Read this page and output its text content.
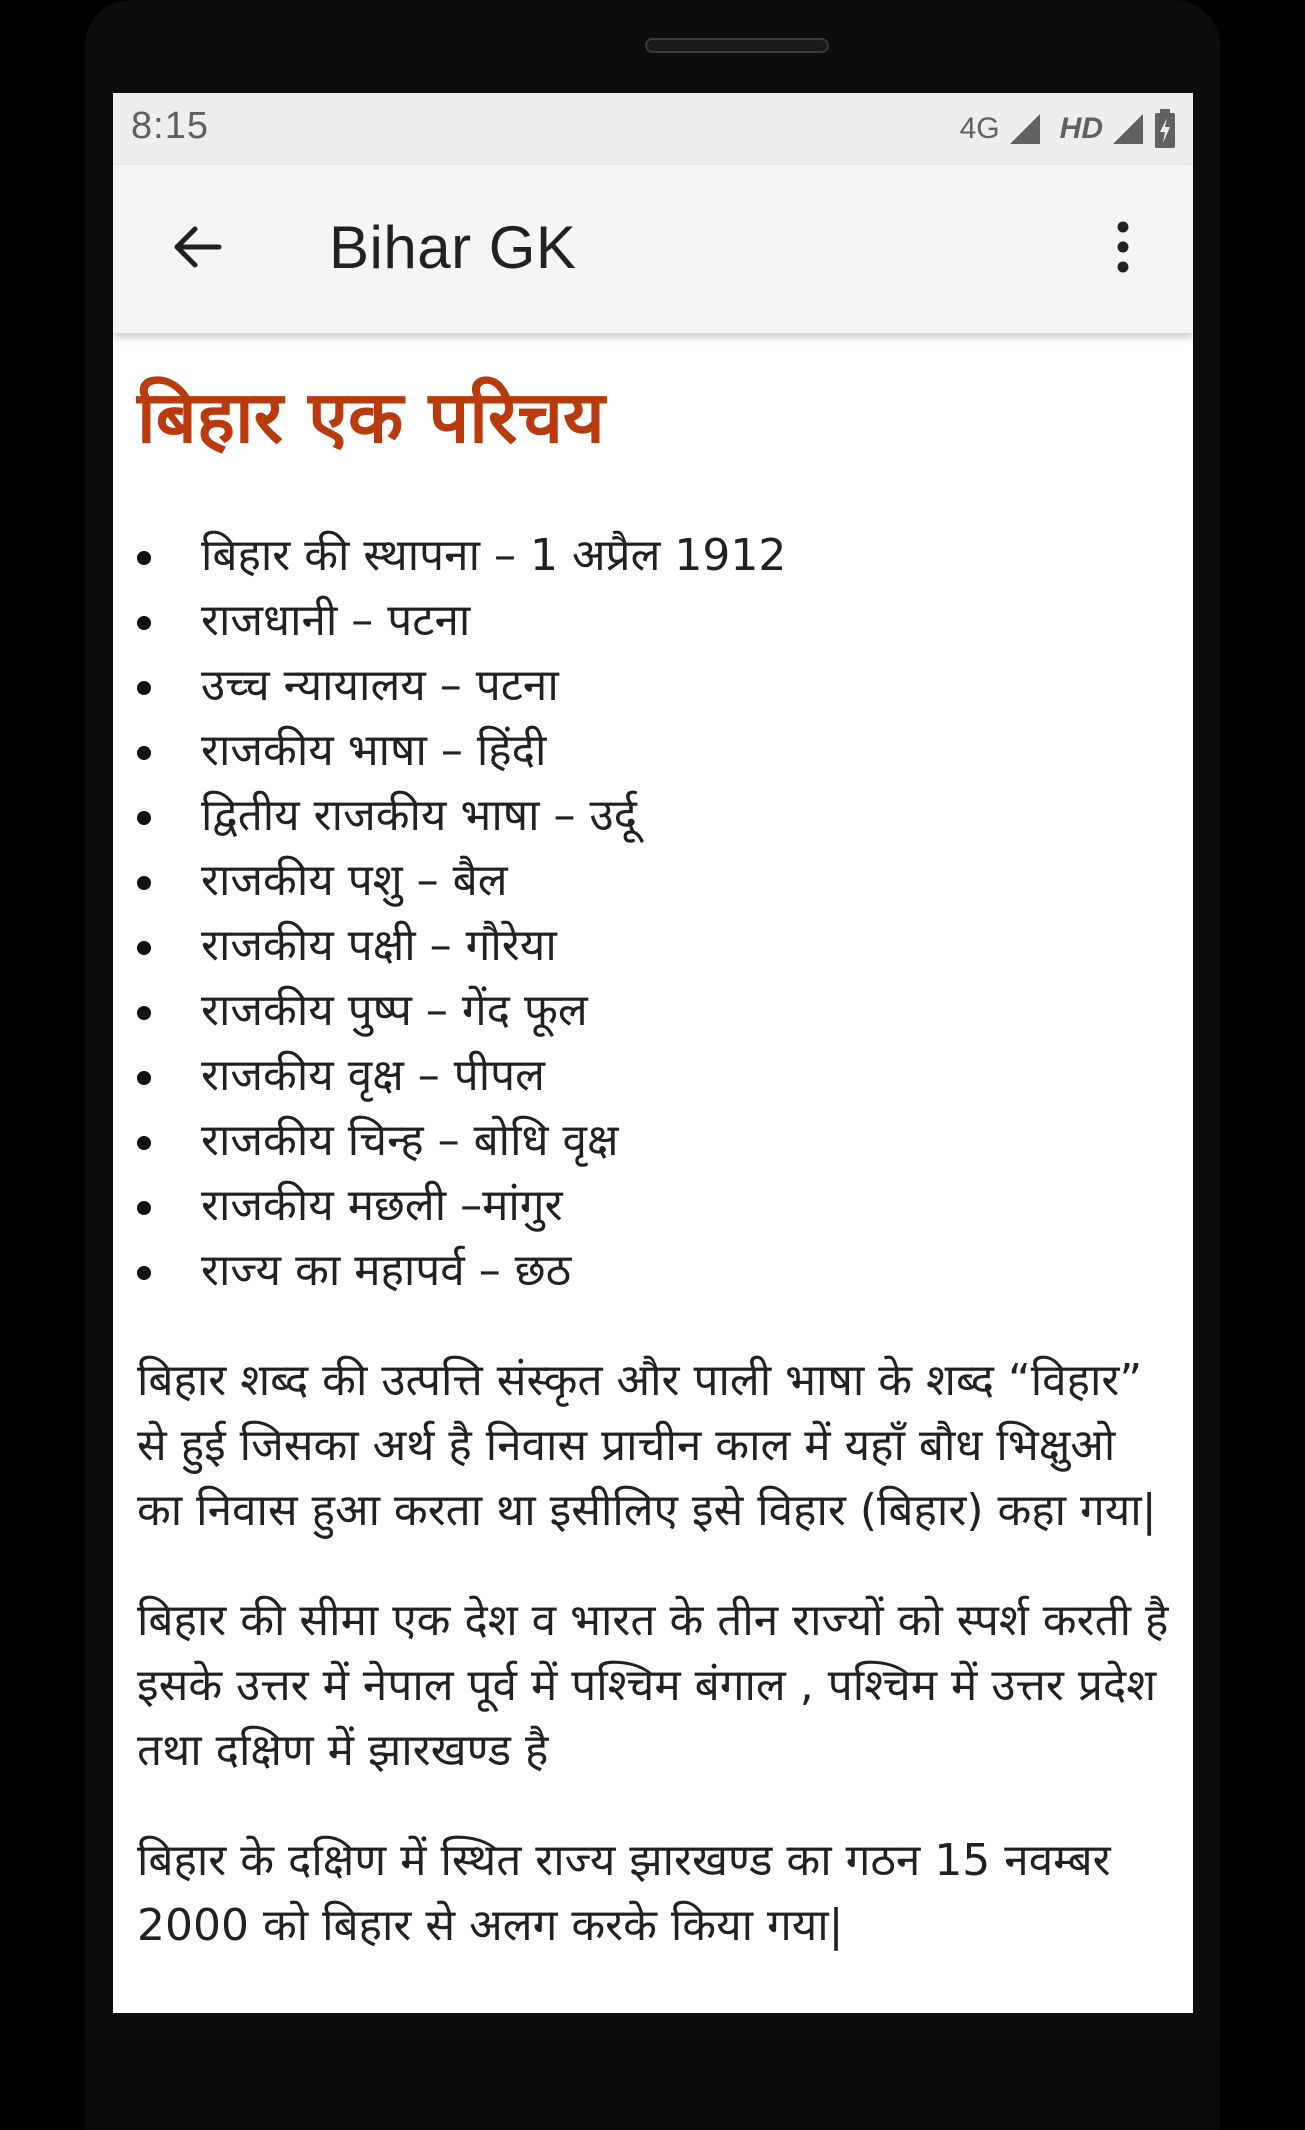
8:15	4G HD
Bihar GK
बिहार एक परिचय
बिहार की स्थापना – 1 अप्रैल 1912
राजधानी – पटना
उच्च न्यायालय – पटना
राजकीय भाषा – हिंदी
द्वितीय राजकीय भाषा – उर्दू
राजकीय पशु – बैल
राजकीय पक्षी – गौरेया
राजकीय पुष्प – गेंद फूल
राजकीय वृक्ष – पीपल
राजकीय चिन्ह – बोधि वृक्ष
राजकीय मछली –मांगुर
राज्य का महापर्व – छठ

बिहार शब्द की उत्पत्ति संस्कृत और पाली भाषा के शब्द “विहार” से हुई जिसका अर्थ है निवास प्राचीन काल में यहाँ बौध भिक्षुओ का निवास हुआ करता था इसीलिए इसे विहार (बिहार) कहा गया|

बिहार की सीमा एक देश व भारत के तीन राज्यों को स्पर्श करती है इसके उत्तर में नेपाल पूर्व में पश्चिम बंगाल , पश्चिम में उत्तर प्रदेश तथा दक्षिण में झारखण्ड है

बिहार के दक्षिण में स्थित राज्य झारखण्ड का गठन 15 नवम्बर 2000 को बिहार से अलग करके किया गया|
